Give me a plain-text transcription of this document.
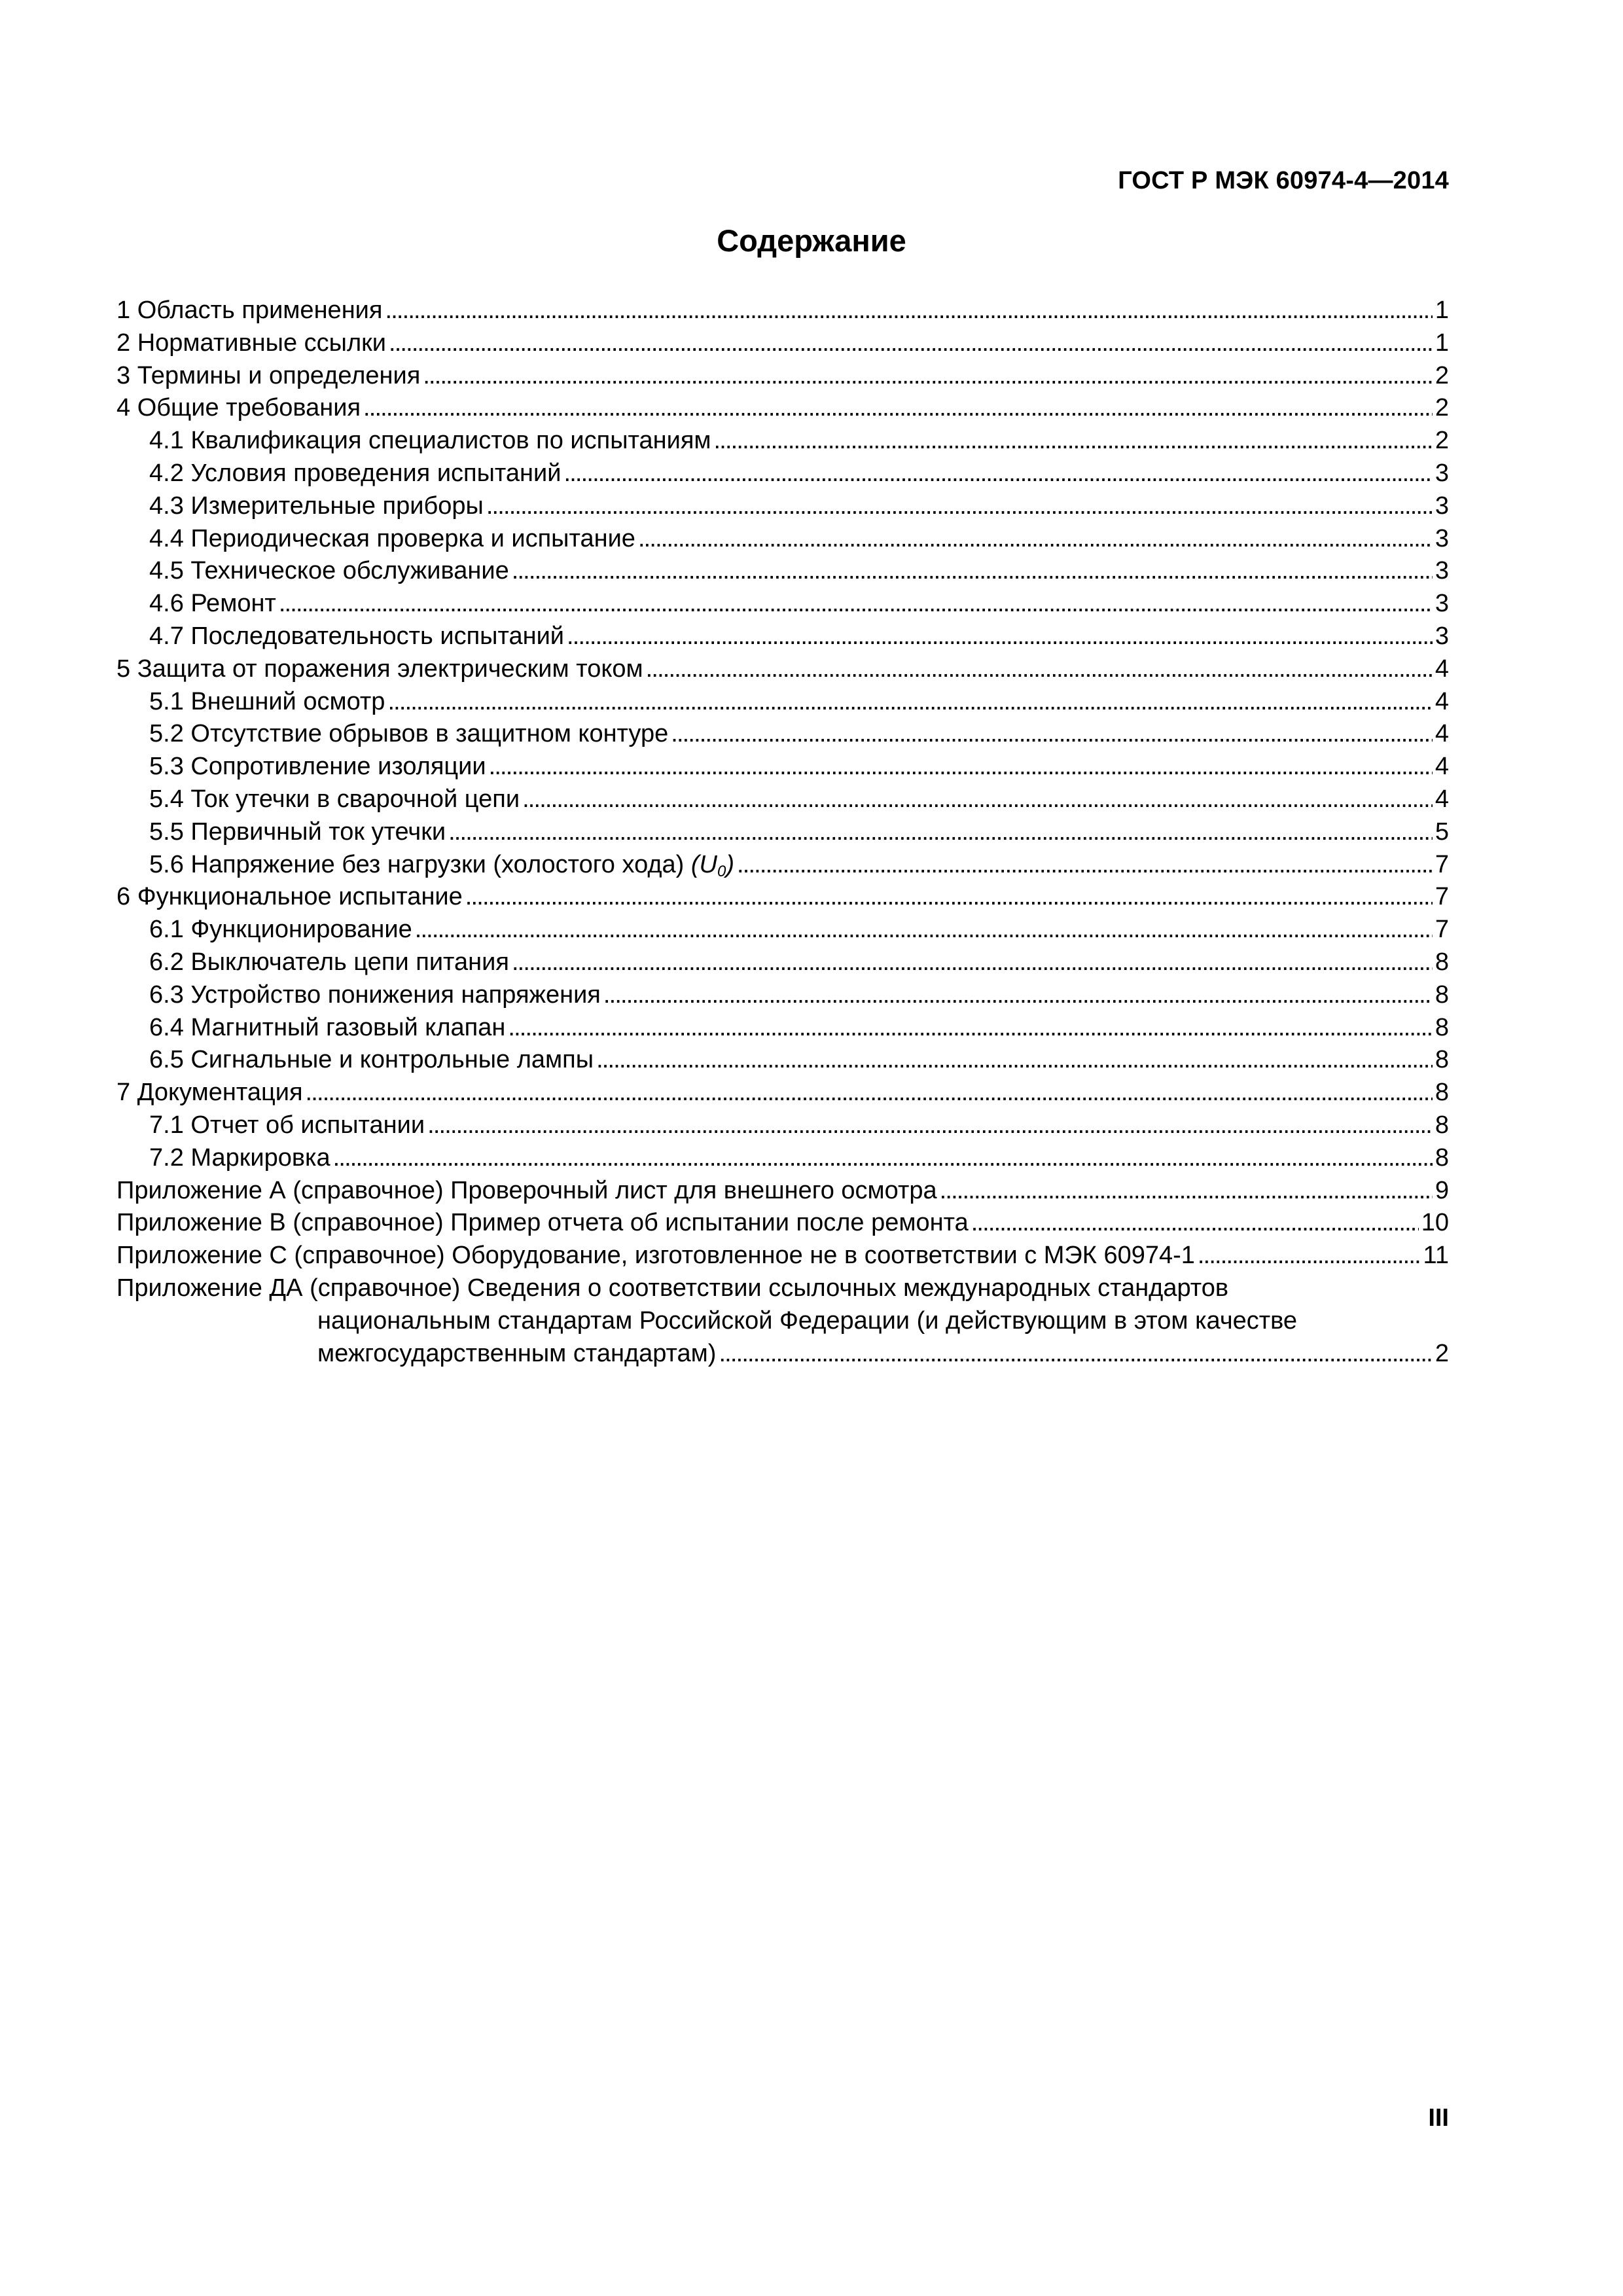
ГОСТ Р МЭК 60974-4—2014
Содержание
1 Область применения . . .	1
2 Нормативные ссылки . . .	1
3 Термины и определения . . .	2
4 Общие требования . . .	2
4.1 Квалификация специалистов по испытаниям . . .	2
4.2 Условия проведения испытаний . . .	3
4.3 Измерительные приборы . . .	3
4.4 Периодическая проверка и испытание . . .	3
4.5 Техническое обслуживание . . .	3
4.6 Ремонт . . .	3
4.7 Последовательность испытаний . . .	3
5 Защита от поражения электрическим током . . .	4
5.1 Внешний осмотр . . .	4
5.2 Отсутствие обрывов в защитном контуре . . .	4
5.3 Сопротивление изоляции . . .	4
5.4 Ток утечки в сварочной цепи . . .	4
5.5 Первичный ток утечки . . .	5
5.6 Напряжение без нагрузки (холостого хода) $(U_0)$ . . .	7
6 Функциональное испытание . . .	7
6.1 Функционирование . . .	7
6.2 Выключатель цепи питания . . .	8
6.3 Устройство понижения напряжения . . .	8
6.4 Магнитный газовый клапан . . .	8
6.5 Сигнальные и контрольные лампы . . .	8
7 Документация . . .	8
7.1 Отчет об испытании . . .	8
7.2 Маркировка . . .	8
Приложение А (справочное) Проверочный лист для внешнего осмотра . . .	9
Приложение В (справочное) Пример отчета об испытании после ремонта . . .	10
Приложение С (справочное) Оборудование, изготовленное не в соответствии с МЭК 60974-1 . . .	11
Приложение ДА (справочное) Сведения о соответствии ссылочных международных стандартов
национальным стандартам Российской Федерации (и действующим в этом качестве
межгосударственным стандартам) . . .	2
III
